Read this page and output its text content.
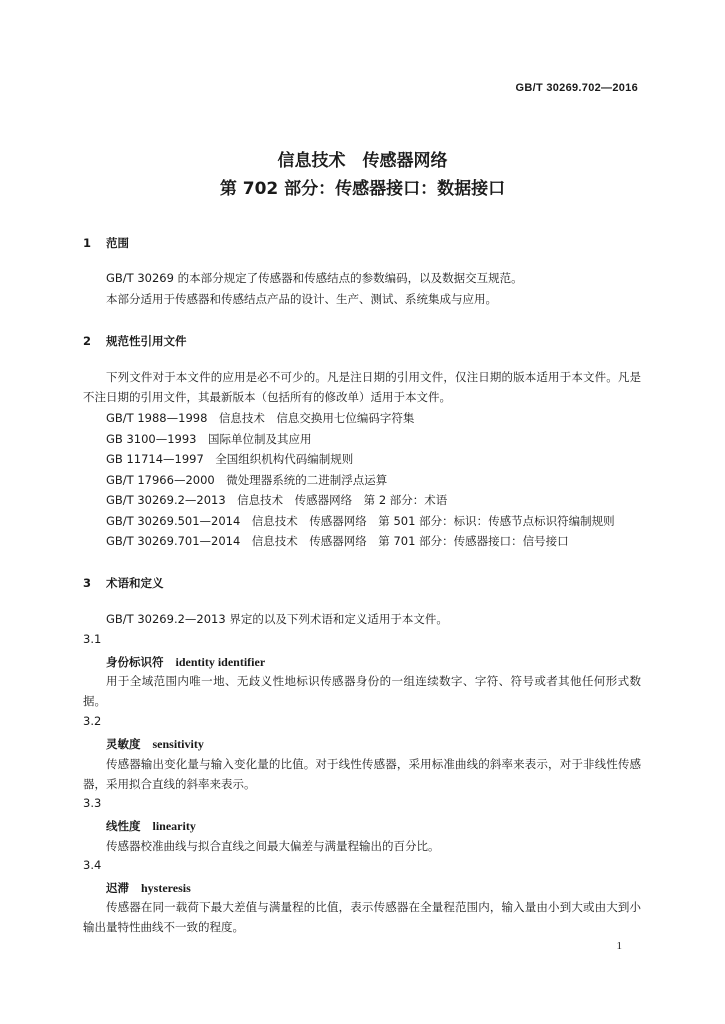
GB/T 30269.702—2016
信息技术　传感器网络
第 702 部分：传感器接口：数据接口
1 范围
GB/T 30269 的本部分规定了传感器和传感结点的参数编码，以及数据交互规范。
本部分适用于传感器和传感结点产品的设计、生产、测试、系统集成与应用。
2 规范性引用文件
下列文件对于本文件的应用是必不可少的。凡是注日期的引用文件，仅注日期的版本适用于本文件。凡是不注日期的引用文件，其最新版本（包括所有的修改单）适用于本文件。
GB/T 1988—1998　信息技术　信息交换用七位编码字符集
GB 3100—1993　国际单位制及其应用
GB 11714—1997　全国组织机构代码编制规则
GB/T 17966—2000　微处理器系统的二进制浮点运算
GB/T 30269.2—2013　信息技术　传感器网络　第 2 部分：术语
GB/T 30269.501—2014　信息技术　传感器网络　第 501 部分：标识：传感节点标识符编制规则
GB/T 30269.701—2014　信息技术　传感器网络　第 701 部分：传感器接口：信号接口
3 术语和定义
GB/T 30269.2—2013 界定的以及下列术语和定义适用于本文件。
3.1
身份标识符 identity identifier
用于全域范围内唯一地、无歧义性地标识传感器身份的一组连续数字、字符、符号或者其他任何形式数据。
3.2
灵敏度 sensitivity
传感器输出变化量与输入变化量的比值。对于线性传感器，采用标准曲线的斜率来表示，对于非线性传感器，采用拟合直线的斜率来表示。
3.3
线性度 linearity
传感器校准曲线与拟合直线之间最大偏差与满量程输出的百分比。
3.4
迟滞 hysteresis
传感器在同一载荷下最大差值与满量程的比值，表示传感器在全量程范围内，输入量由小到大或由大到小输出量特性曲线不一致的程度。
1
